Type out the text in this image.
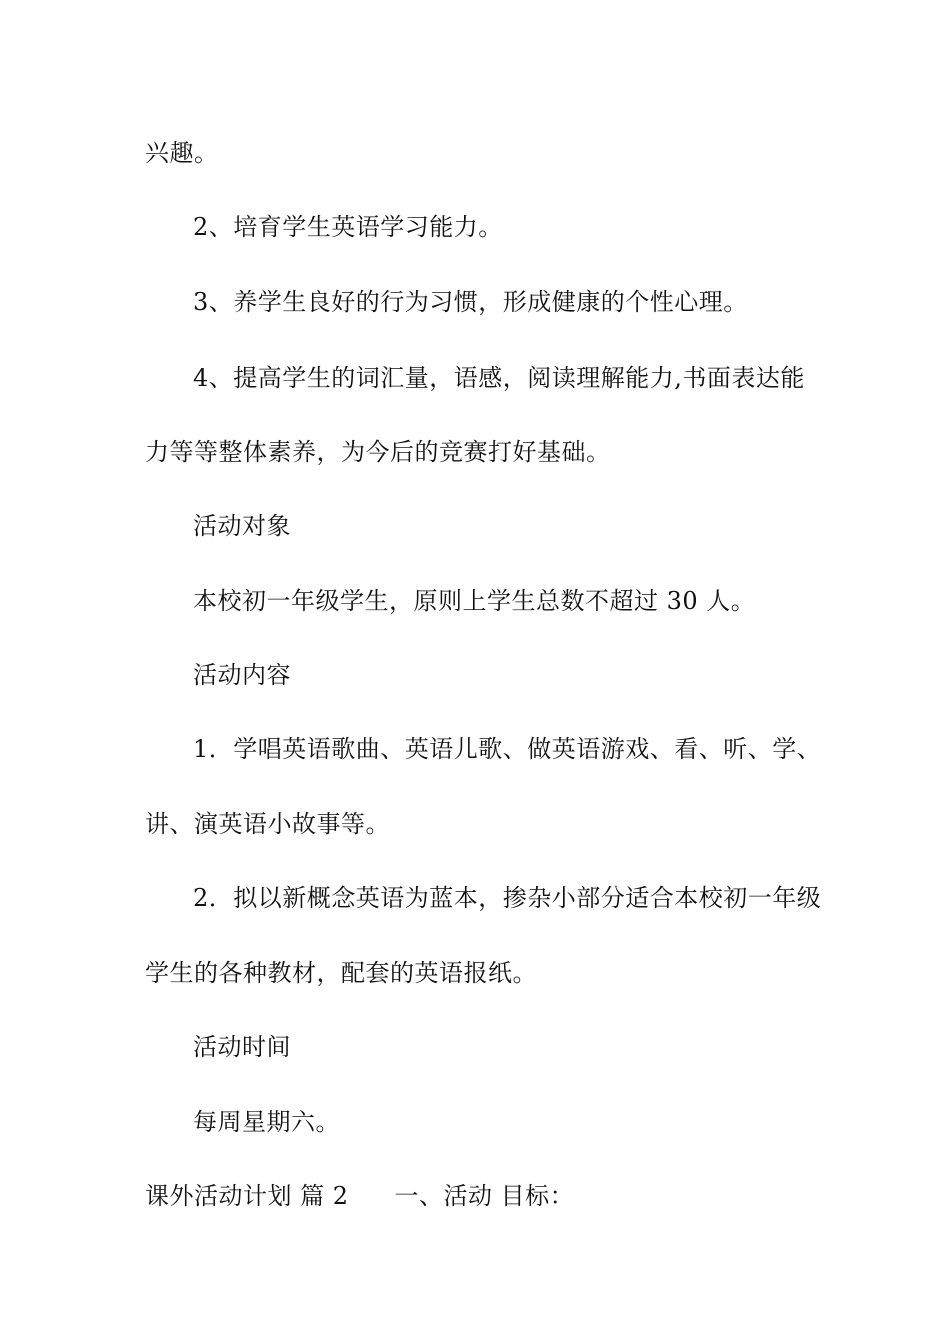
兴趣。
2、培育学生英语学习能力。
3、养学生良好的行为习惯，形成健康的个性心理。
4、提高学生的词汇量，语感，阅读理解能力,书面表达能
力等等整体素养，为今后的竞赛打好基础。
活动对象
本校初一年级学生，原则上学生总数不超过 30 人。
活动内容
1．学唱英语歌曲、英语儿歌、做英语游戏、看、听、学、
讲、演英语小故事等。
2．拟以新概念英语为蓝本，掺杂小部分适合本校初一年级
学生的各种教材，配套的英语报纸。
活动时间
每周星期六。
课外活动计划 篇 2 一、活动 目标：
